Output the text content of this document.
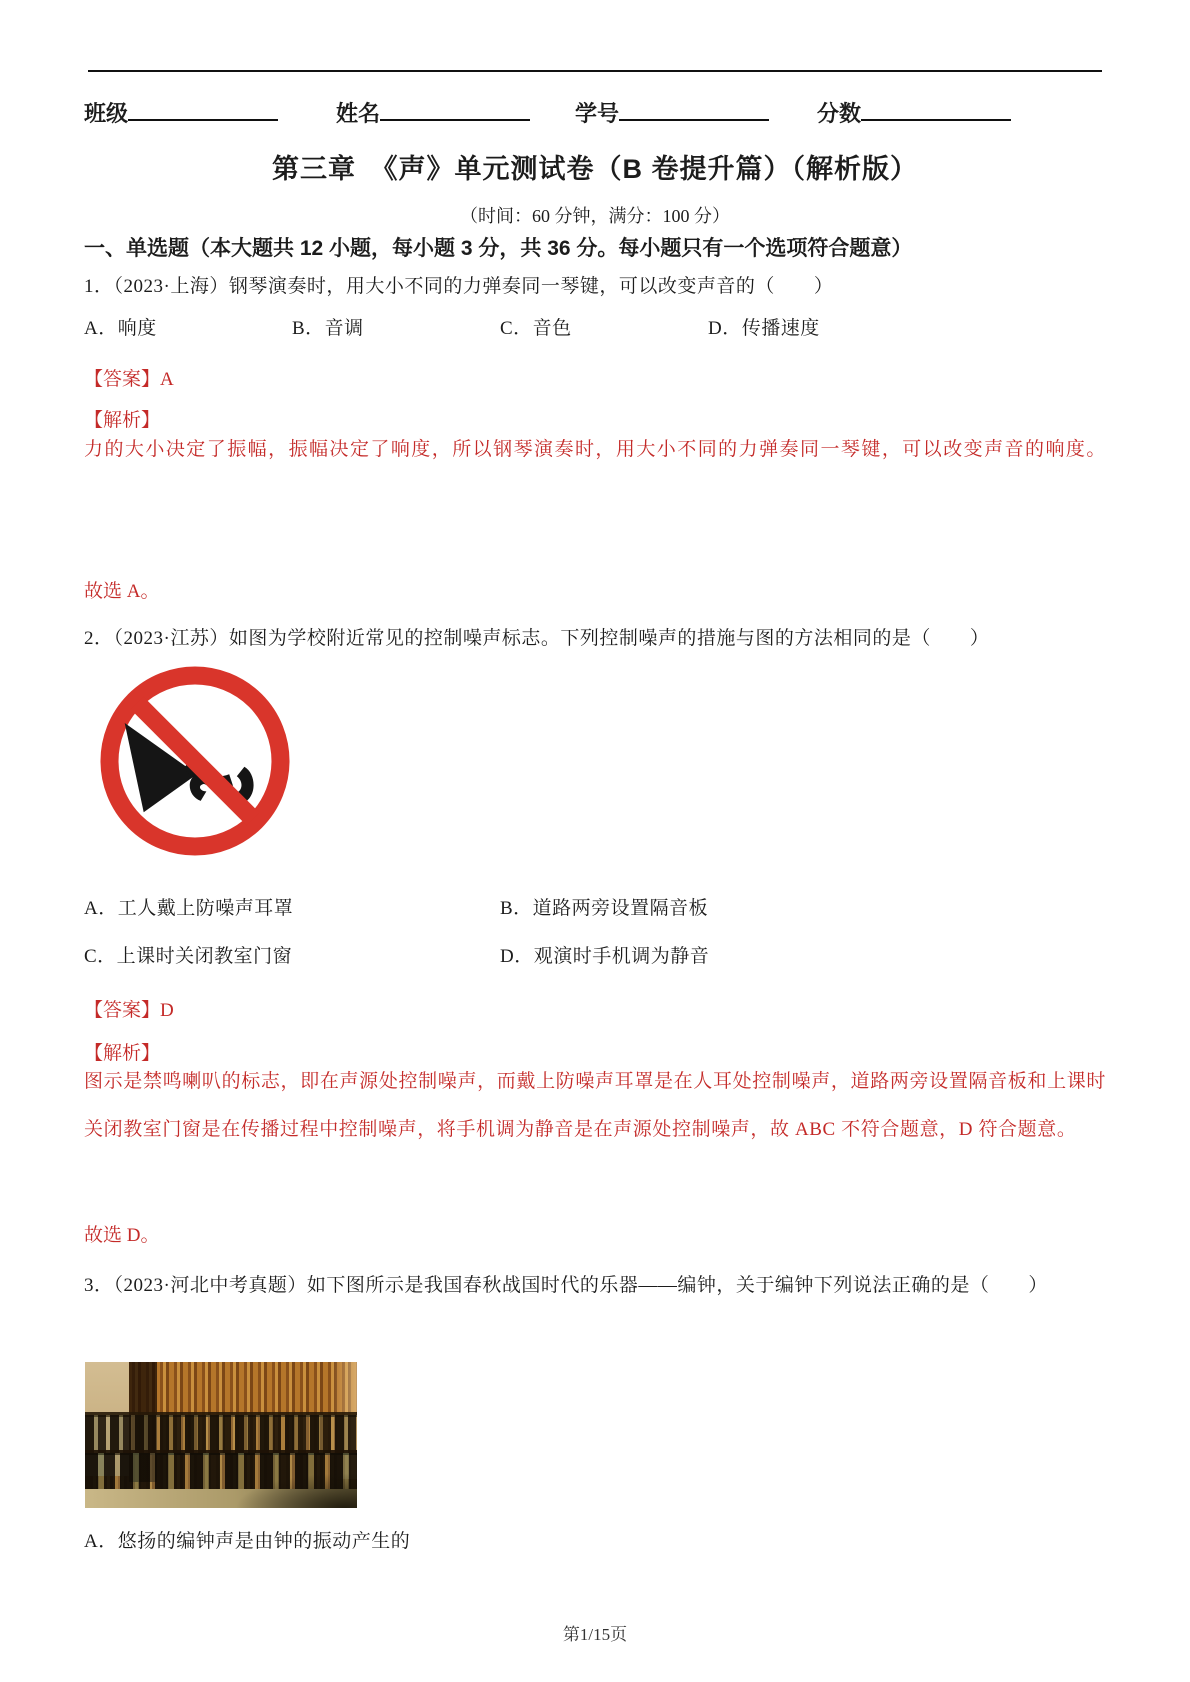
班级	姓名	学号	分数
第三章　《声》单元测试卷（B 卷提升篇）（解析版）
（时间：60 分钟，满分：100 分）
一、单选题（本大题共 12 小题，每小题 3 分，共 36 分。每小题只有一个选项符合题意）
1．（2023·上海）钢琴演奏时，用大小不同的力弹奏同一琴键，可以改变声音的（　　）
A．响度	B．音调	C．音色	D．传播速度
【答案】A
【解析】
力的大小决定了振幅，振幅决定了响度，所以钢琴演奏时，用大小不同的力弹奏同一琴键，可以改变声音的响度。
故选 A。
2．（2023·江苏）如图为学校附近常见的控制噪声标志。下列控制噪声的措施与图的方法相同的是（　　）
A．工人戴上防噪声耳罩	B．道路两旁设置隔音板
C．上课时关闭教室门窗	D．观演时手机调为静音
【答案】D
【解析】
图示是禁鸣喇叭的标志，即在声源处控制噪声，而戴上防噪声耳罩是在人耳处控制噪声，道路两旁设置隔音板和上课时关闭教室门窗是在传播过程中控制噪声，将手机调为静音是在声源处控制噪声，故 ABC 不符合题意，D 符合题意。
故选 D。
3．（2023·河北中考真题）如下图所示是我国春秋战国时代的乐器——编钟，关于编钟下列说法正确的是（　　）
A．悠扬的编钟声是由钟的振动产生的
第1/15页
